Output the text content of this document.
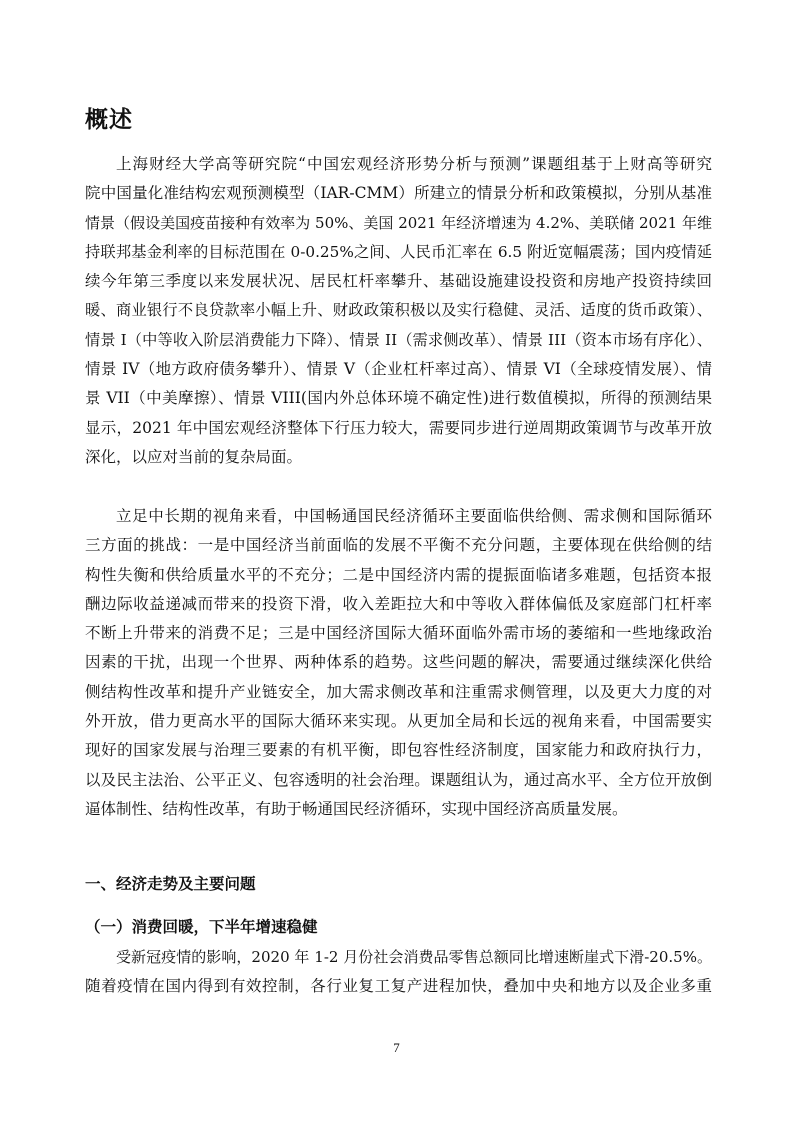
概述
上海财经大学高等研究院“中国宏观经济形势分析与预测”课题组基于上财高等研究
院中国量化准结构宏观预测模型（IAR-CMM）所建立的情景分析和政策模拟，分别从基准
情景（假设美国疫苗接种有效率为 50%、美国 2021 年经济增速为 4.2%、美联储 2021 年维
持联邦基金利率的目标范围在 0-0.25%之间、人民币汇率在 6.5 附近宽幅震荡；国内疫情延
续今年第三季度以来发展状况、居民杠杆率攀升、基础设施建设投资和房地产投资持续回
暖、商业银行不良贷款率小幅上升、财政政策积极以及实行稳健、灵活、适度的货币政策）、
情景 I（中等收入阶层消费能力下降）、情景 II（需求侧改革）、情景 III（资本市场有序化）、
情景 IV（地方政府债务攀升）、情景 V（企业杠杆率过高）、情景 VI（全球疫情发展）、情
景 VII（中美摩擦）、情景 VIII(国内外总体环境不确定性)进行数值模拟，所得的预测结果
显示，2021 年中国宏观经济整体下行压力较大，需要同步进行逆周期政策调节与改革开放
深化，以应对当前的复杂局面。
立足中长期的视角来看，中国畅通国民经济循环主要面临供给侧、需求侧和国际循环
三方面的挑战：一是中国经济当前面临的发展不平衡不充分问题，主要体现在供给侧的结
构性失衡和供给质量水平的不充分；二是中国经济内需的提振面临诸多难题，包括资本报
酬边际收益递减而带来的投资下滑，收入差距拉大和中等收入群体偏低及家庭部门杠杆率
不断上升带来的消费不足；三是中国经济国际大循环面临外需市场的萎缩和一些地缘政治
因素的干扰，出现一个世界、两种体系的趋势。这些问题的解决，需要通过继续深化供给
侧结构性改革和提升产业链安全，加大需求侧改革和注重需求侧管理，以及更大力度的对
外开放，借力更高水平的国际大循环来实现。从更加全局和长远的视角来看，中国需要实
现好的国家发展与治理三要素的有机平衡，即包容性经济制度，国家能力和政府执行力，
以及民主法治、公平正义、包容透明的社会治理。课题组认为，通过高水平、全方位开放倒
逼体制性、结构性改革，有助于畅通国民经济循环，实现中国经济高质量发展。
一、经济走势及主要问题
（一）消费回暖，下半年增速稳健
受新冠疫情的影响，2020 年 1-2 月份社会消费品零售总额同比增速断崖式下滑-20.5%。
随着疫情在国内得到有效控制，各行业复工复产进程加快，叠加中央和地方以及企业多重
7
